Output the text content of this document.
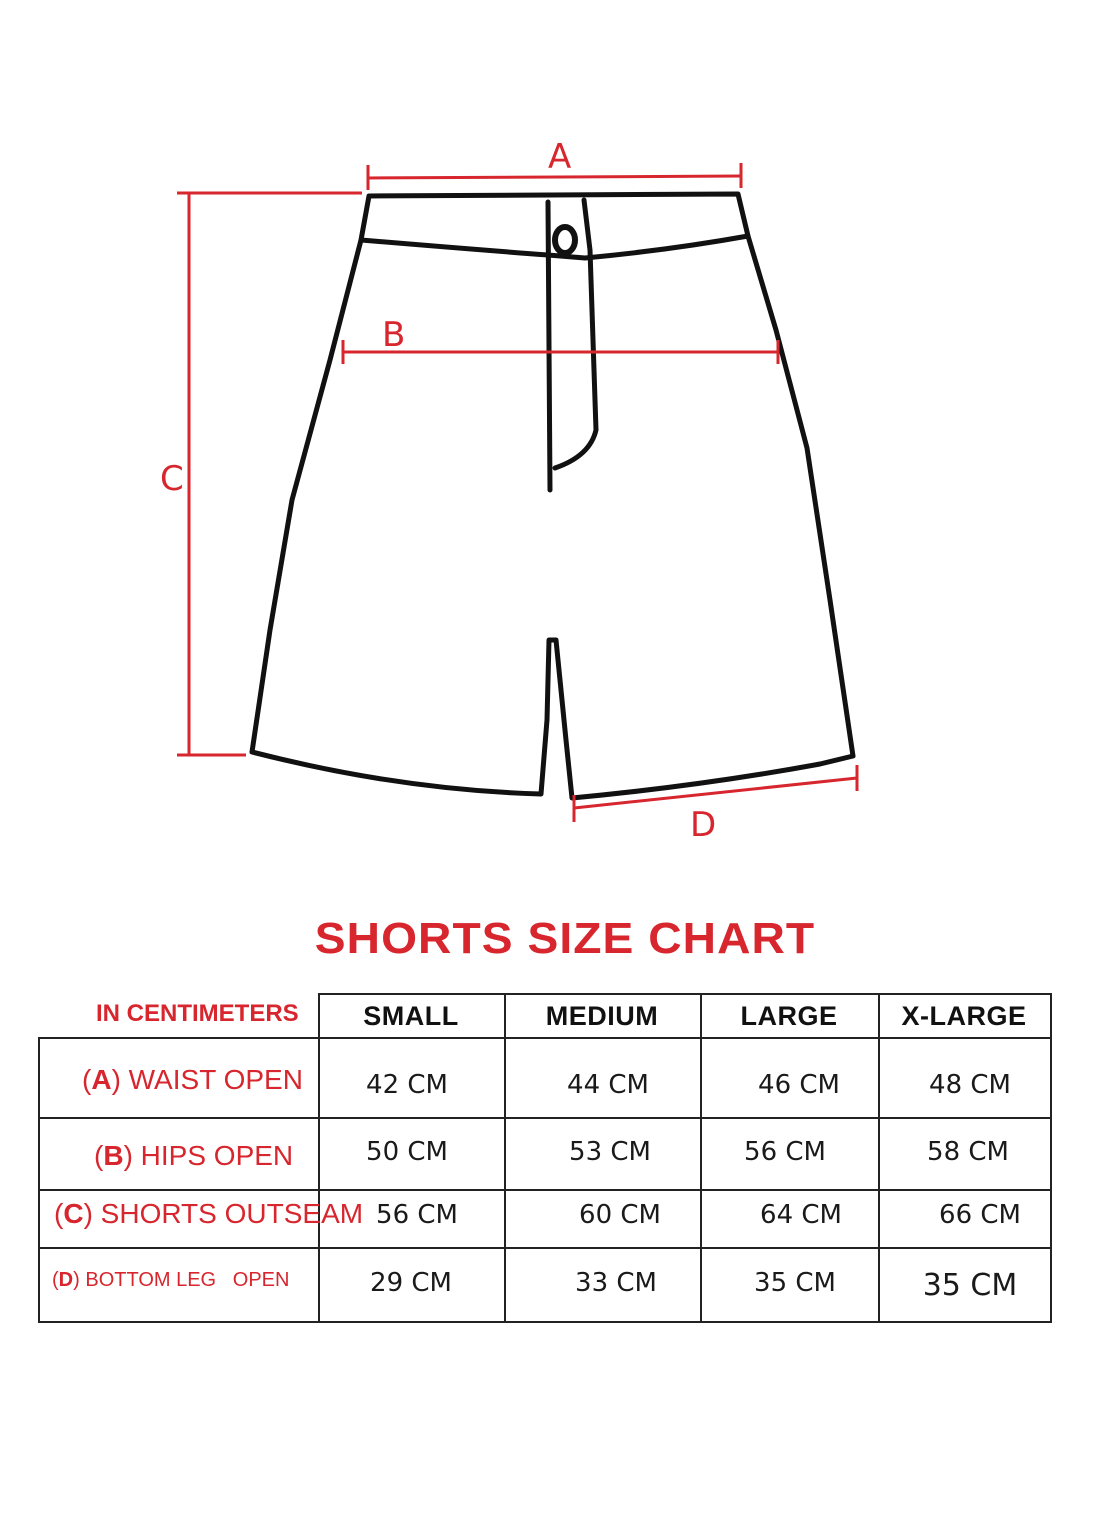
A
B
C
D
SHORTS SIZE CHART
IN CENTIMETERS	SMALL	MEDIUM	LARGE	X-LARGE
(A) WAIST OPEN	42 CM	44 CM	46 CM	48 CM
(B) HIPS OPEN	50 CM	53 CM	56 CM	58 CM
(C) SHORTS OUTSEAM 56 CM	60 CM	64 CM	66 CM
(D) BOTTOM LEG   OPEN	29 CM	33 CM	35 CM	35 CM
